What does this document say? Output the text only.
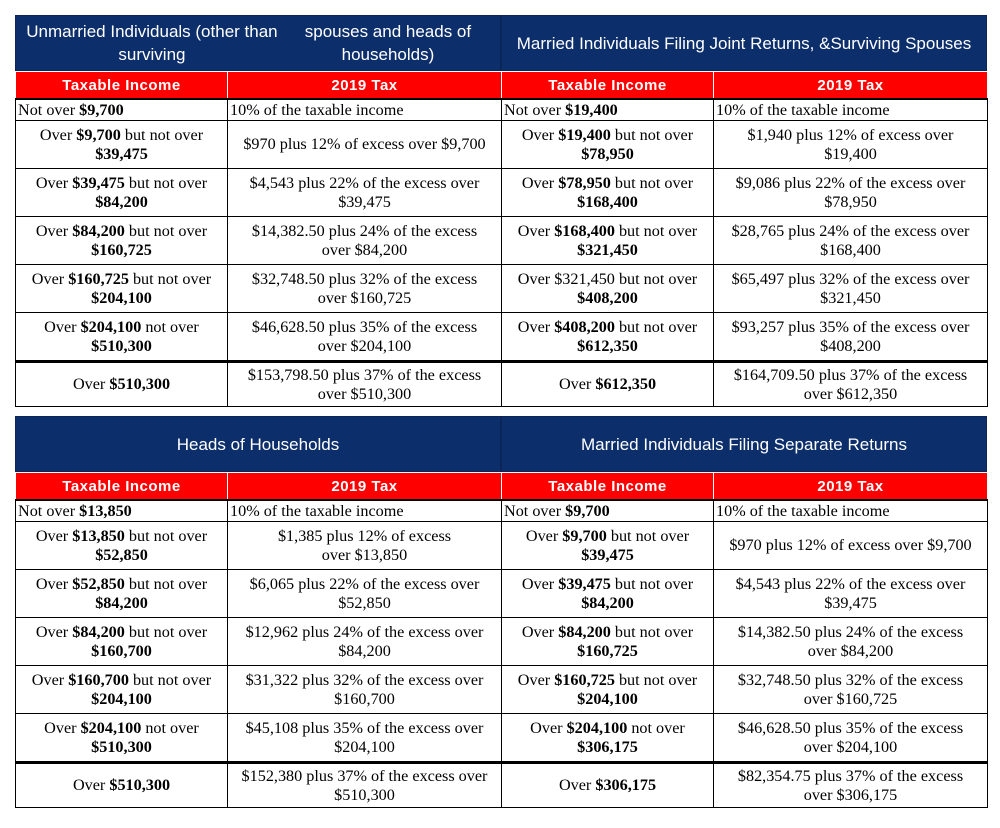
Unmarried Individuals (other than surviving

spouses and heads of households)
Taxable Income	2019 Tax
Not over $9,700	10% of the taxable income
Over $9,700 but not over
$39,475	$970 plus 12% of excess over $9,700
Over $39,475 but not over
$84,200	$4,543 plus 22% of the excess over
$39,475
Over $84,200 but not over
$160,725	$14,382.50 plus 24% of the excess
over $84,200
Over $160,725 but not over
$204,100	$32,748.50 plus 32% of the excess
over $160,725
Over $204,100 not over
$510,300	$46,628.50 plus 35% of the excess
over $204,100
Over $510,300	$153,798.50 plus 37% of the excess
over $510,300
Married Individuals Filing Joint Returns, & Surviving Spouses
Taxable Income	2019 Tax
Not over $19,400	10% of the taxable income
Over $19,400 but not over
$78,950	$1,940 plus 12% of excess over
$19,400
Over $78,950 but not over
$168,400	$9,086 plus 22% of the excess over
$78,950
Over $168,400 but not over
$321,450	$28,765 plus 24% of the excess over
$168,400
Over $321,450 but not over
$408,200	$65,497 plus 32% of the excess over
$321,450
Over $408,200 but not over
$612,350	$93,257 plus 35% of the excess over
$408,200
Over $612,350	$164,709.50 plus 37% of the excess
over $612,350
Heads of Households
Taxable Income	2019 Tax
Not over $13,850	10% of the taxable income
Over $13,850 but not over
$52,850	$1,385 plus 12% of excess
over $13,850
Over $52,850 but not over
$84,200	$6,065 plus 22% of the excess over
$52,850
Over $84,200 but not over
$160,700	$12,962 plus 24% of the excess over
$84,200
Over $160,700 but not over
$204,100	$31,322 plus 32% of the excess over
$160,700
Over $204,100 not over
$510,300	$45,108 plus 35% of the excess over
$204,100
Over $510,300	$152,380 plus 37% of the excess over
$510,300
Married Individuals Filing Separate Returns
Taxable Income	2019 Tax
Not over $9,700	10% of the taxable income
Over $9,700 but not over
$39,475	$970 plus 12% of excess over $9,700
Over $39,475 but not over
$84,200	$4,543 plus 22% of the excess over
$39,475
Over $84,200 but not over
$160,725	$14,382.50 plus 24% of the excess
over $84,200
Over $160,725 but not over
$204,100	$32,748.50 plus 32% of the excess
over $160,725
Over $204,100 not over
$306,175	$46,628.50 plus 35% of the excess
over $204,100
Over $306,175	$82,354.75 plus 37% of the excess
over $306,175
